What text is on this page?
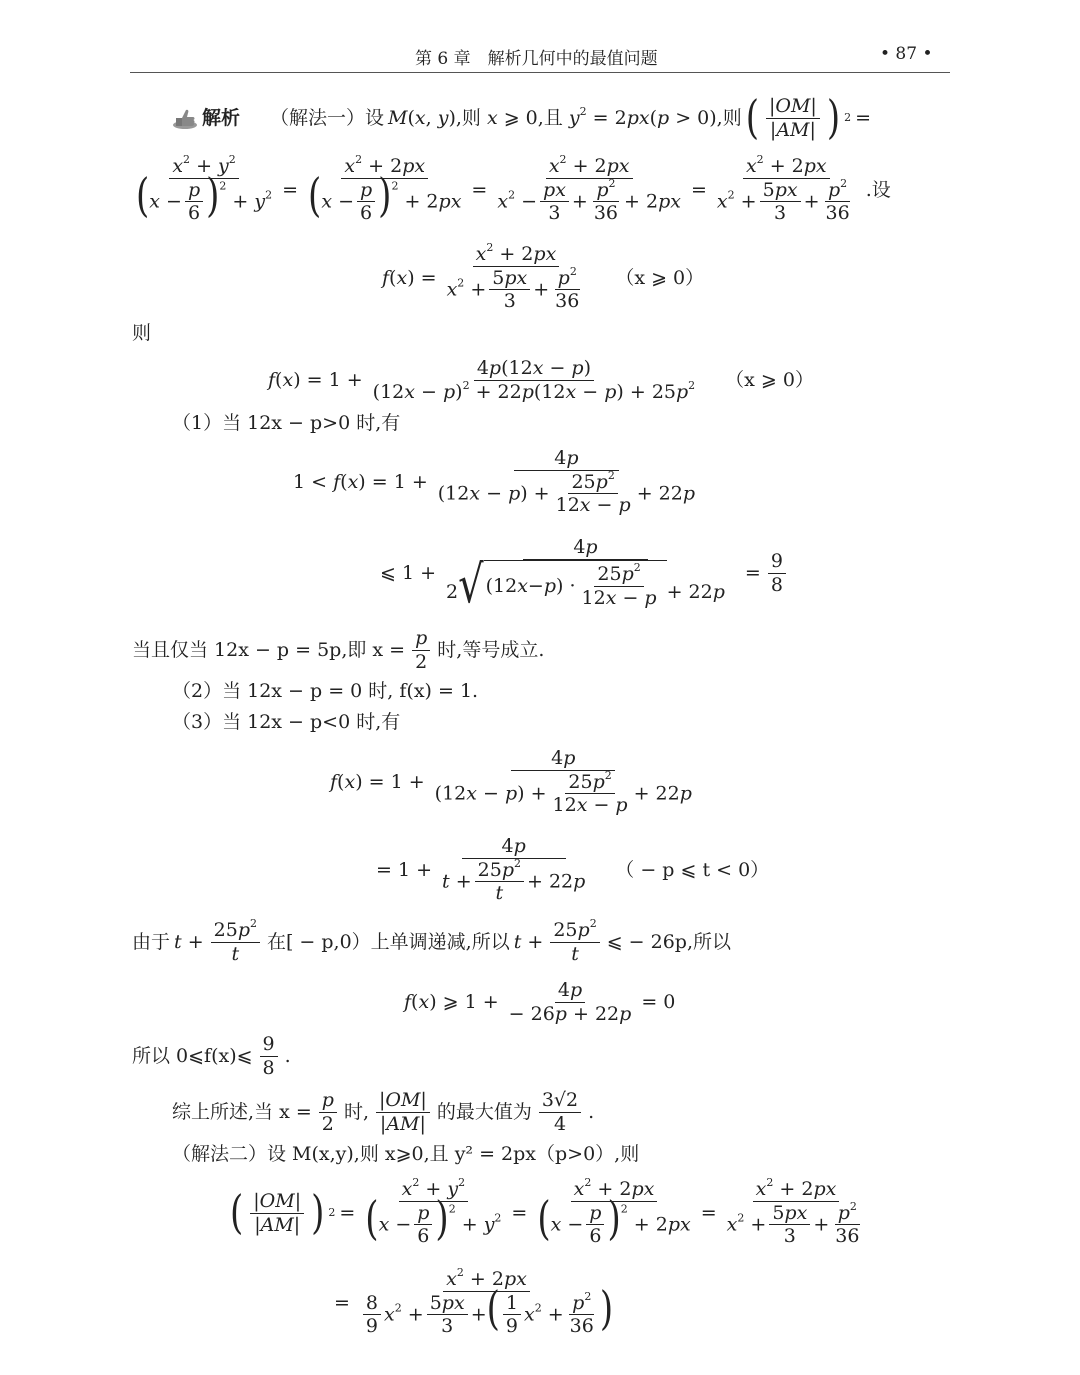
第 6 章　解析几何中的最值问题	• 87 •
解析 （解法一）设 M(x, y),则 x ⩾ 0,且 $y^2 = 2px(p > 0)$,则 ( $\frac{|OM|}{|AM|}$ ) 2 =
$\frac{x^2 + y^2}{(x - \frac{p}{6} )^2 + y^2} = \frac{x^2 + 2px}{(x - \frac{p}{6} )^2 + 2px} = \frac{x^2 + 2px}{x^2 - \frac{px}{3} + \frac{p^2}{36} + 2px} = \frac{x^2 + 2px}{x^2 + \frac{5px}{3} + \frac{p^2}{36}}$ .设
$f(x) = \frac{x^2 + 2px}{x^2 + \frac{5px}{3} + \frac{p^2}{36}} (x$ ⩾ 0）
则
$f(x) = 1 + \frac{4p(12x - p)}{(12x - p)^2 + 22p(12x - p) + 25p^2} (x$ ⩾ 0）
（1）当 12x − p>0 时,有
$1 < f(x) = 1 + \frac{4p}{(12x - p) + \frac{25p^2}{12x - p} + 22p}$
⩽ $1 + \frac{4p}{2 √ (12 x - p ) \cdot \frac{25p^2}{12x - p} + 22p} = \frac{9}{8}$
当且仅当 12x − p = 5p,即 $x = \frac{p}{2}$ 时,等号成立.
（2）当 12x − p = 0 时, f(x) = 1.
（3）当 12x − p<0 时,有
$f(x) = 1 + \frac{4p}{(12x - p) + \frac{25p^2}{12x - p} + 22p}$
= $1 + \frac{4p}{t + \frac{25p^2}{t} + 22p}$ （ − p ⩽ t < 0）
由于 $t + \frac{25p^2}{t}$ 在[ − p,0）上单调递减,所以 $t + \frac{25p^2}{t}$ ⩽ − 26p,所以
f(x) ⩾ $1 + \frac{4p}{- 26p + 22p} = 0$
所以 0⩽f(x)⩽ $\frac{9}{8}$ .
综上所述,当 $x = \frac{p}{2}$ 时, $\frac{|OM|}{|AM|}$ 的最大值为 $\frac{3√2}{4}$ .
（解法二）设 M(x,y),则 x⩾0,且 y² = 2px（p>0）,则
( $\frac{|OM|}{|AM|}$ ) $2 = \frac{x^2 + y^2}{(x - \frac{p}{6} )^2 + y^2} = \frac{x^2 + 2px}{(x - \frac{p}{6} )^2 + 2px} = \frac{x^2 + 2px}{x^2 + \frac{5px}{3} + \frac{p^2}{36}}$
= $\frac{x^2 + 2px}{\frac{8}{9} x^2 + \frac{5px}{3} +( \frac{1}{9} x^2 + \frac{p^2}{36} )}$
